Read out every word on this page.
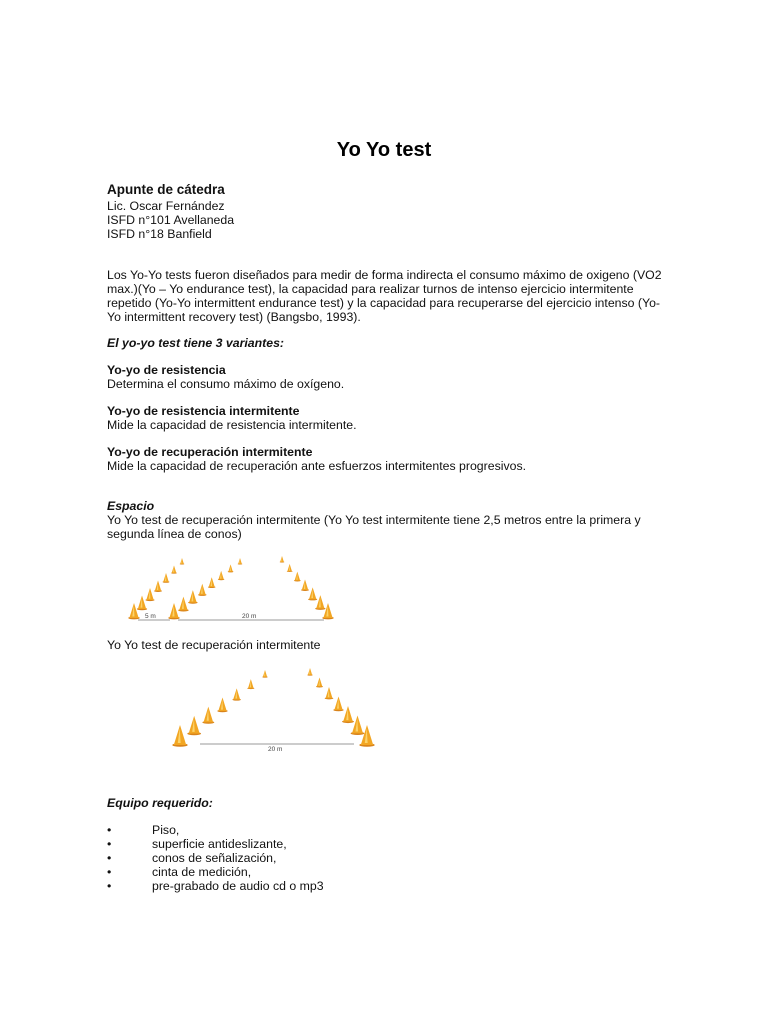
Yo Yo test
Apunte de cátedra
Lic. Oscar Fernández
ISFD n°101 Avellaneda
ISFD n°18 Banfield
Los Yo-Yo tests fueron diseñados para medir de forma indirecta el consumo máximo de oxigeno (VO2 max.)(Yo – Yo endurance test), la capacidad para realizar turnos de intenso ejercicio intermitente repetido (Yo-Yo intermittent endurance test) y la capacidad para recuperarse del ejercicio intenso (Yo-Yo intermittent recovery test) (Bangsbo, 1993).
El yo-yo test tiene 3 variantes:
Yo-yo de resistencia
Determina el consumo máximo de oxígeno.
Yo-yo de resistencia intermitente
Mide la capacidad de resistencia intermitente.
Yo-yo de recuperación intermitente
Mide la capacidad de recuperación ante esfuerzos intermitentes progresivos.
Espacio
Yo Yo test de recuperación intermitente (Yo Yo test intermitente tiene 2,5 metros entre la primera y segunda línea de conos)
5 m	20 m
Yo Yo test de recuperación intermitente
20 m
Equipo requerido:
•	Piso,
•	superficie antideslizante,
•	conos de señalización,
•	cinta de medición,
•	pre-grabado de audio cd o mp3
